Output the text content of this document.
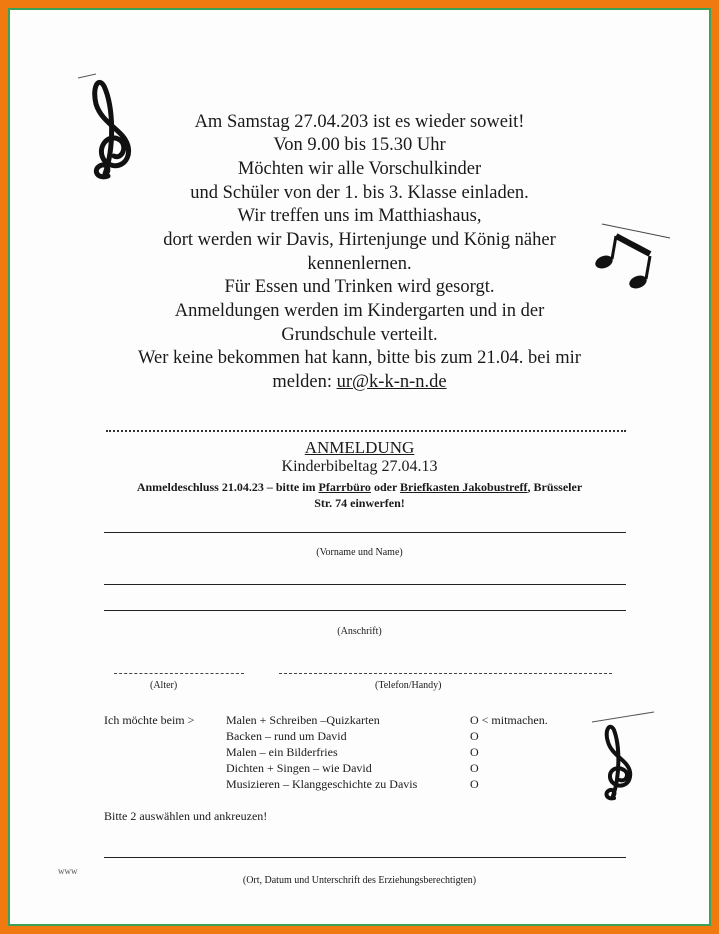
Am Samstag 27.04.203 ist es wieder soweit!
Von 9.00 bis 15.30 Uhr
Möchten wir alle Vorschulkinder
und Schüler von der 1. bis 3. Klasse einladen.
Wir treffen uns im Matthiashaus,
dort werden wir Davis, Hirtenjunge und König näher
kennenlernen.
Für Essen und Trinken wird gesorgt.
Anmeldungen werden im Kindergarten und in der
Grundschule verteilt.
Wer keine bekommen hat kann, bitte bis zum 21.04. bei mir
melden: ur@k-k-n-n.de
ANMELDUNG
Kinderbibeltag 27.04.13
Anmeldeschluss 21.04.23 – bitte im Pfarrbüro oder Briefkasten Jakobustreff, Brüsseler
Str. 74 einwerfen!
(Vorname und Name)
(Anschrift)
(Alter)	(Telefon/Handy)
Ich möchte beim >	Malen + Schreiben –Quizkarten	O < mitmachen.
Backen – rund um David	O
Malen – ein Bilderfries	O
Dichten + Singen – wie David	O
Musizieren – Klanggeschichte zu Davis	O
Bitte 2 auswählen und ankreuzen!
(Ort, Datum und Unterschrift des Erziehungsberechtigten)
www
